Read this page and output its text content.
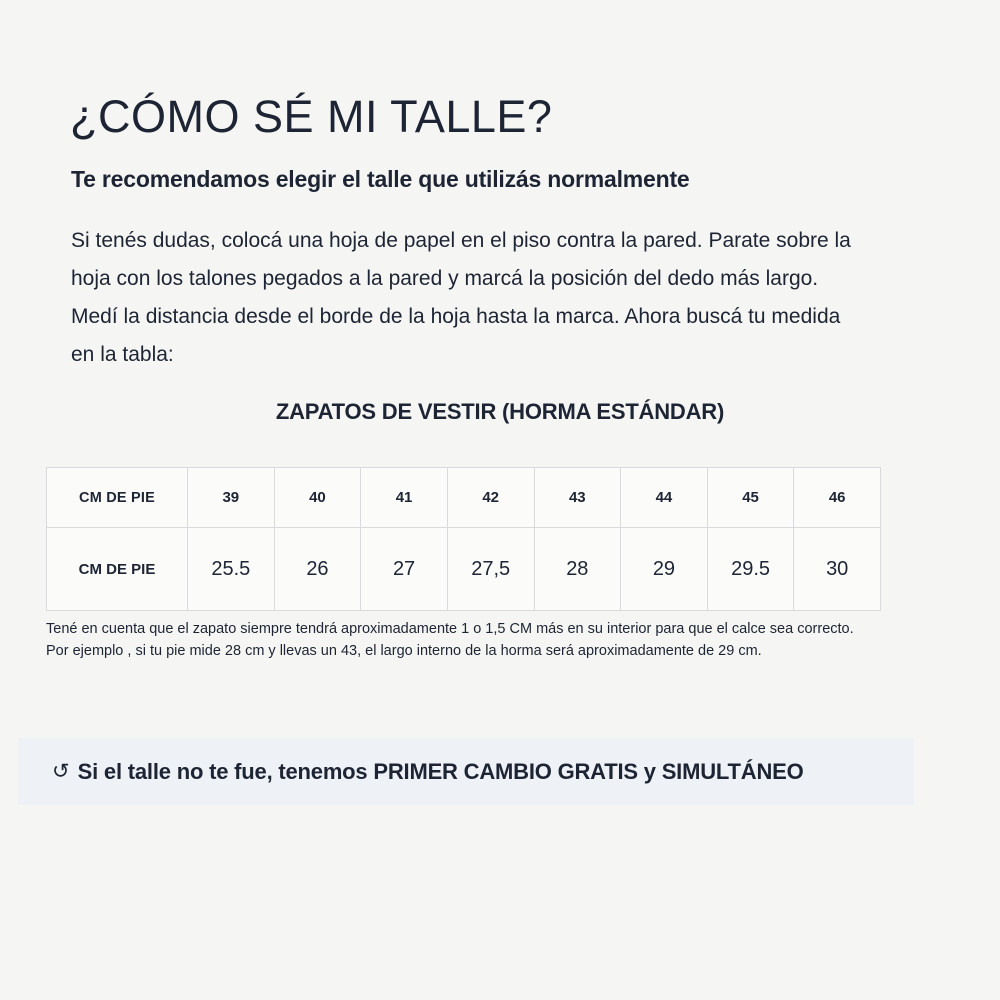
¿CÓMO SÉ MI TALLE?
Te recomendamos elegir el talle que utilizás normalmente
Si tenés dudas, colocá una hoja de papel en el piso contra la pared. Parate sobre la hoja con los talones pegados a la pared y marcá la posición del dedo más largo. Medí la distancia desde el borde de la hoja hasta la marca. Ahora buscá tu medida en la tabla:
ZAPATOS DE VESTIR (HORMA ESTÁNDAR)
CM DE PIE	39	40	41	42	43	44	45	46
CM DE PIE	25.5	26	27	27,5	28	29	29.5	30
Tené en cuenta que el zapato siempre tendrá aproximadamente 1 o 1,5 CM más en su interior para que el calce sea correcto.
Por ejemplo , si tu pie mide 28 cm y llevas un 43, el largo interno de la horma será aproximadamente de 29 cm.
↺ Si el talle no te fue, tenemos PRIMER CAMBIO GRATIS y SIMULTÁNEO
